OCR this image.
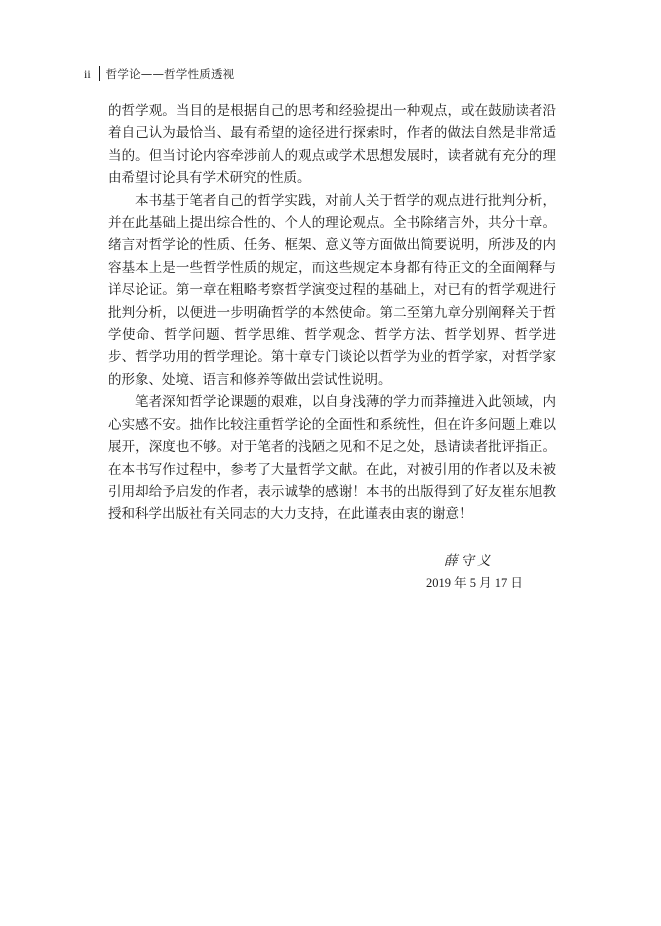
ii 哲学论——哲学性质透视

的哲学观。当目的是根据自己的思考和经验提出一种观点，或在鼓励读者沿着自己认为最恰当、最有希望的途径进行探索时，作者的做法自然是非常适当的。但当讨论内容牵涉前人的观点或学术思想发展时，读者就有充分的理由希望讨论具有学术研究的性质。

本书基于笔者自己的哲学实践，对前人关于哲学的观点进行批判分析，并在此基础上提出综合性的、个人的理论观点。全书除绪言外，共分十章。绪言对哲学论的性质、任务、框架、意义等方面做出简要说明，所涉及的内容基本上是一些哲学性质的规定，而这些规定本身都有待正文的全面阐释与详尽论证。第一章在粗略考察哲学演变过程的基础上，对已有的哲学观进行批判分析，以便进一步明确哲学的本然使命。第二至第九章分别阐释关于哲学使命、哲学问题、哲学思维、哲学观念、哲学方法、哲学划界、哲学进步、哲学功用的哲学理论。第十章专门谈论以哲学为业的哲学家，对哲学家的形象、处境、语言和修养等做出尝试性说明。

笔者深知哲学论课题的艰难，以自身浅薄的学力而莽撞进入此领域，内心实感不安。拙作比较注重哲学论的全面性和系统性，但在许多问题上难以展开，深度也不够。对于笔者的浅陋之见和不足之处，恳请读者批评指正。在本书写作过程中，参考了大量哲学文献。在此，对被引用的作者以及未被引用却给予启发的作者，表示诚挚的感谢！本书的出版得到了好友崔东旭教授和科学出版社有关同志的大力支持，在此谨表由衷的谢意！

薛守义
2019 年 5 月 17 日
